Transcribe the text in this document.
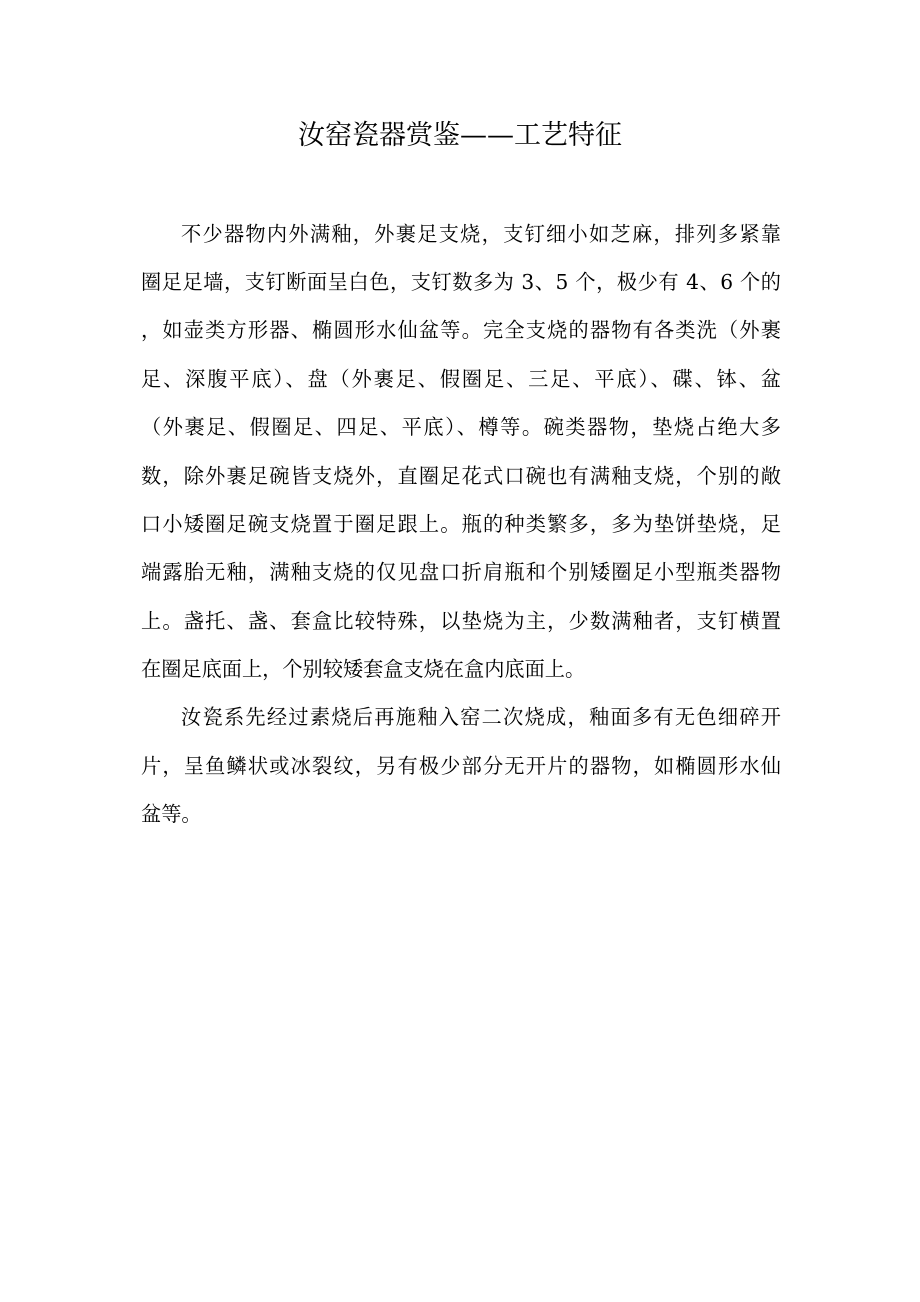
汝窑瓷器赏鉴——工艺特征
不少器物内外满釉，外裹足支烧，支钉细小如芝麻，排列多紧靠
圈足足墙，支钉断面呈白色，支钉数多为 3、5 个，极少有 4、6 个的
，如壶类方形器、椭圆形水仙盆等。完全支烧的器物有各类洗（外裹
足、深腹平底）、盘（外裹足、假圈足、三足、平底）、碟、钵、盆
（外裹足、假圈足、四足、平底）、樽等。碗类器物，垫烧占绝大多
数，除外裹足碗皆支烧外，直圈足花式口碗也有满釉支烧，个别的敞
口小矮圈足碗支烧置于圈足跟上。瓶的种类繁多，多为垫饼垫烧，足
端露胎无釉，满釉支烧的仅见盘口折肩瓶和个别矮圈足小型瓶类器物
上。盏托、盏、套盒比较特殊，以垫烧为主，少数满釉者，支钉横置
在圈足底面上，个别较矮套盒支烧在盒内底面上。
汝瓷系先经过素烧后再施釉入窑二次烧成，釉面多有无色细碎开
片，呈鱼鳞状或冰裂纹，另有极少部分无开片的器物，如椭圆形水仙
盆等。
